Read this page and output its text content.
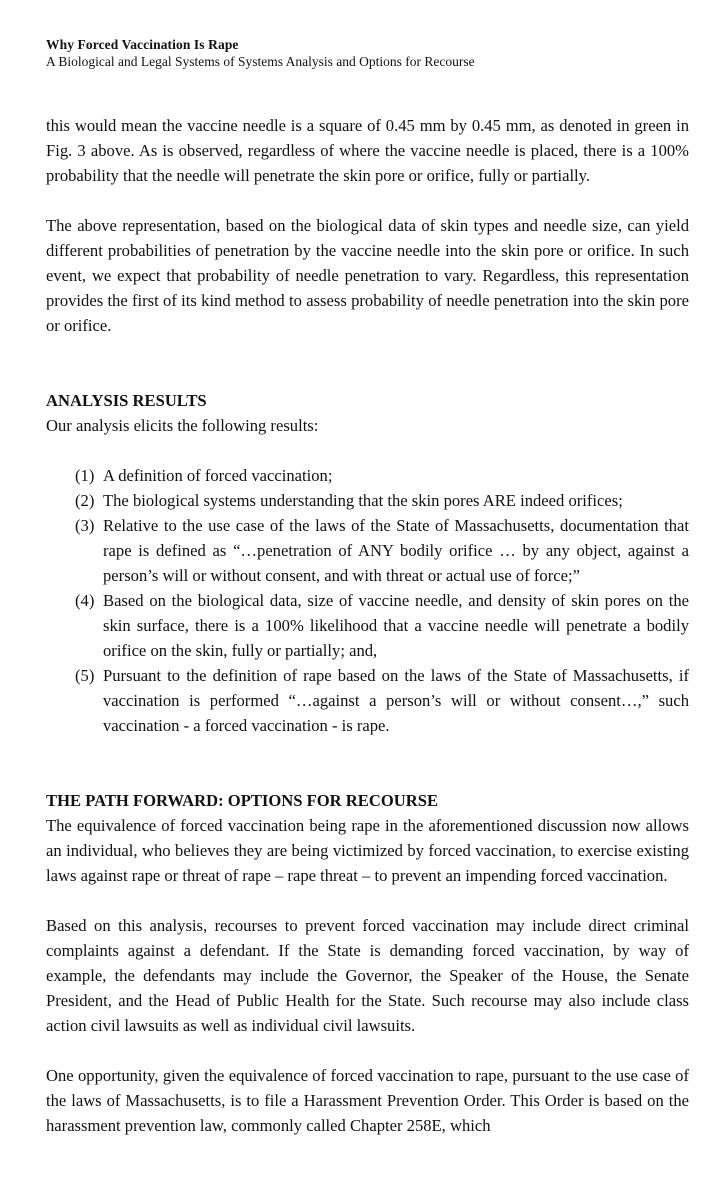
Why Forced Vaccination Is Rape
A Biological and Legal Systems of Systems Analysis and Options for Recourse

this would mean the vaccine needle is a square of 0.45 mm by 0.45 mm, as denoted in green in Fig. 3 above. As is observed, regardless of where the vaccine needle is placed, there is a 100% probability that the needle will penetrate the skin pore or orifice, fully or partially.

The above representation, based on the biological data of skin types and needle size, can yield different probabilities of penetration by the vaccine needle into the skin pore or orifice. In such event, we expect that probability of needle penetration to vary. Regardless, this representation provides the first of its kind method to assess probability of needle penetration into the skin pore or orifice.

ANALYSIS RESULTS

Our analysis elicits the following results:

(1) A definition of forced vaccination;
(2) The biological systems understanding that the skin pores ARE indeed orifices;
(3) Relative to the use case of the laws of the State of Massachusetts, documentation that rape is defined as “…penetration of ANY bodily orifice … by any object, against a person’s will or without consent, and with threat or actual use of force;”
(4) Based on the biological data, size of vaccine needle, and density of skin pores on the skin surface, there is a 100% likelihood that a vaccine needle will penetrate a bodily orifice on the skin, fully or partially; and,
(5) Pursuant to the definition of rape based on the laws of the State of Massachusetts, if vaccination is performed “…against a person’s will or without consent…,” such vaccination - a forced vaccination - is rape.
THE PATH FORWARD: OPTIONS FOR RECOURSE

The equivalence of forced vaccination being rape in the aforementioned discussion now allows an individual, who believes they are being victimized by forced vaccination, to exercise existing laws against rape or threat of rape – rape threat – to prevent an impending forced vaccination.

Based on this analysis, recourses to prevent forced vaccination may include direct criminal complaints against a defendant. If the State is demanding forced vaccination, by way of example, the defendants may include the Governor, the Speaker of the House, the Senate President, and the Head of Public Health for the State. Such recourse may also include class action civil lawsuits as well as individual civil lawsuits.

One opportunity, given the equivalence of forced vaccination to rape, pursuant to the use case of the laws of Massachusetts, is to file a Harassment Prevention Order. This Order is based on the harassment prevention law, commonly called Chapter 258E, which
